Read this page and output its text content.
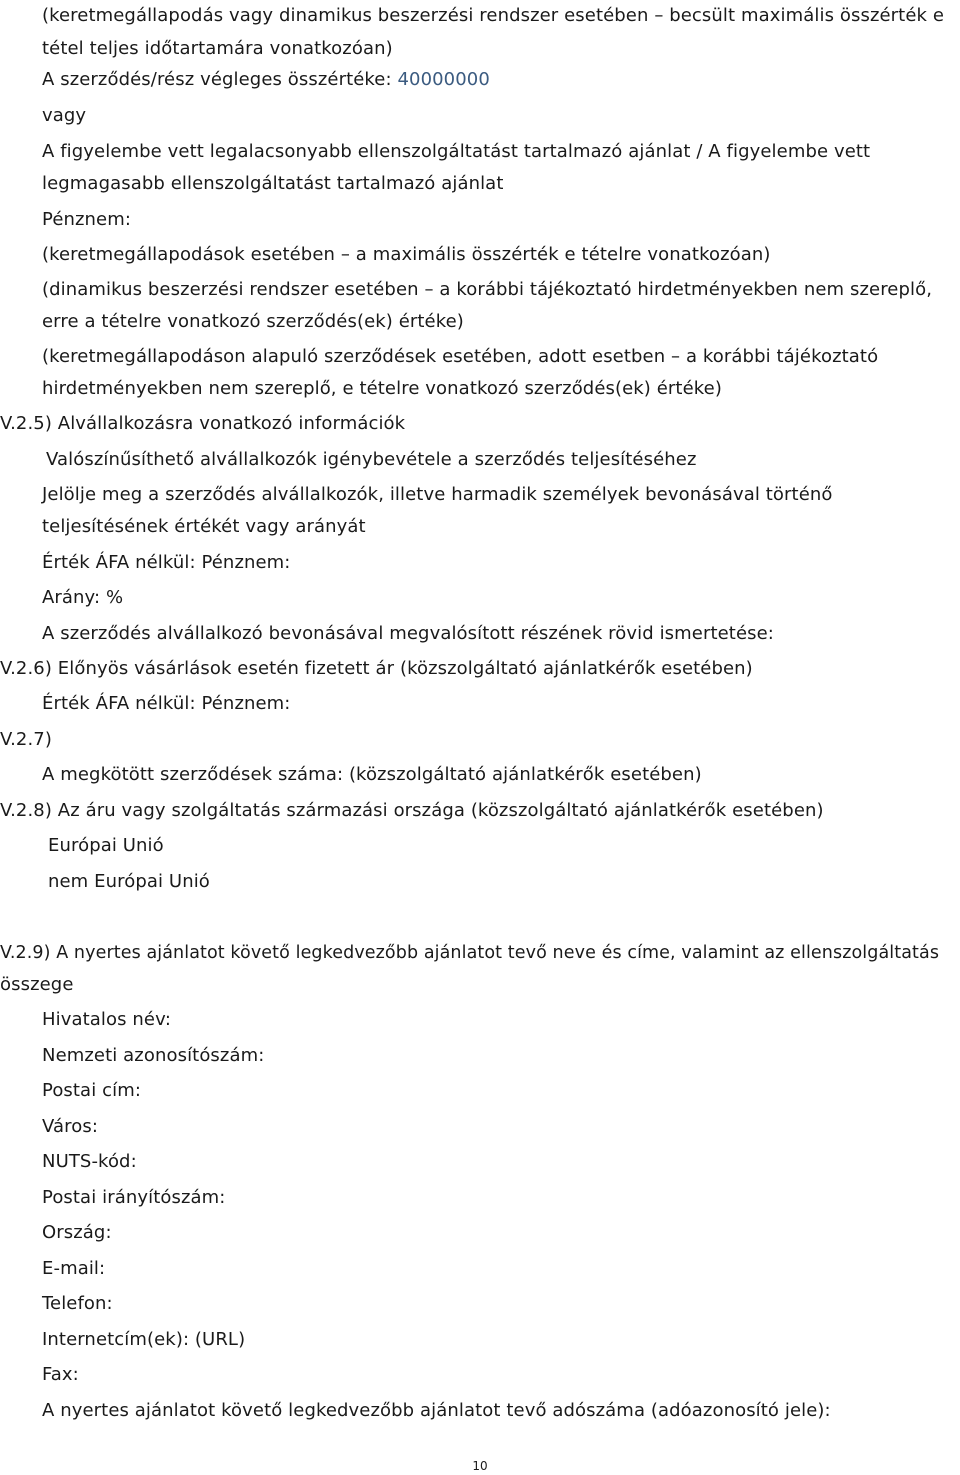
(keretmegállapodás vagy dinamikus beszerzési rendszer esetében – becsült maximális összérték e
tétel teljes időtartamára vonatkozóan)
A szerződés/rész végleges összértéke: 40000000
vagy
A figyelembe vett legalacsonyabb ellenszolgáltatást tartalmazó ajánlat / A figyelembe vett
legmagasabb ellenszolgáltatást tartalmazó ajánlat
Pénznem:
(keretmegállapodások esetében – a maximális összérték e tételre vonatkozóan)
(dinamikus beszerzési rendszer esetében – a korábbi tájékoztató hirdetményekben nem szereplő,
erre a tételre vonatkozó szerződés(ek) értéke)
(keretmegállapodáson alapuló szerződések esetében, adott esetben – a korábbi tájékoztató
hirdetményekben nem szereplő, e tételre vonatkozó szerződés(ek) értéke)
V.2.5) Alvállalkozásra vonatkozó információk
Valószínűsíthető alvállalkozók igénybevétele a szerződés teljesítéséhez
Jelölje meg a szerződés alvállalkozók, illetve harmadik személyek bevonásával történő
teljesítésének értékét vagy arányát
Érték ÁFA nélkül: Pénznem:
Arány: %
A szerződés alvállalkozó bevonásával megvalósított részének rövid ismertetése:
V.2.6) Előnyös vásárlások esetén fizetett ár (közszolgáltató ajánlatkérők esetében)
Érték ÁFA nélkül: Pénznem:
V.2.7)
A megkötött szerződések száma: (közszolgáltató ajánlatkérők esetében)
V.2.8) Az áru vagy szolgáltatás származási országa (közszolgáltató ajánlatkérők esetében)
Európai Unió
nem Európai Unió
V.2.9) A nyertes ajánlatot követő legkedvezőbb ajánlatot tevő neve és címe, valamint az ellenszolgáltatás
összege
Hivatalos név:
Nemzeti azonosítószám:
Postai cím:
Város:
NUTS-kód:
Postai irányítószám:
Ország:
E-mail:
Telefon:
Internetcím(ek): (URL)
Fax:
A nyertes ajánlatot követő legkedvezőbb ajánlatot tevő adószáma (adóazonosító jele):
10
